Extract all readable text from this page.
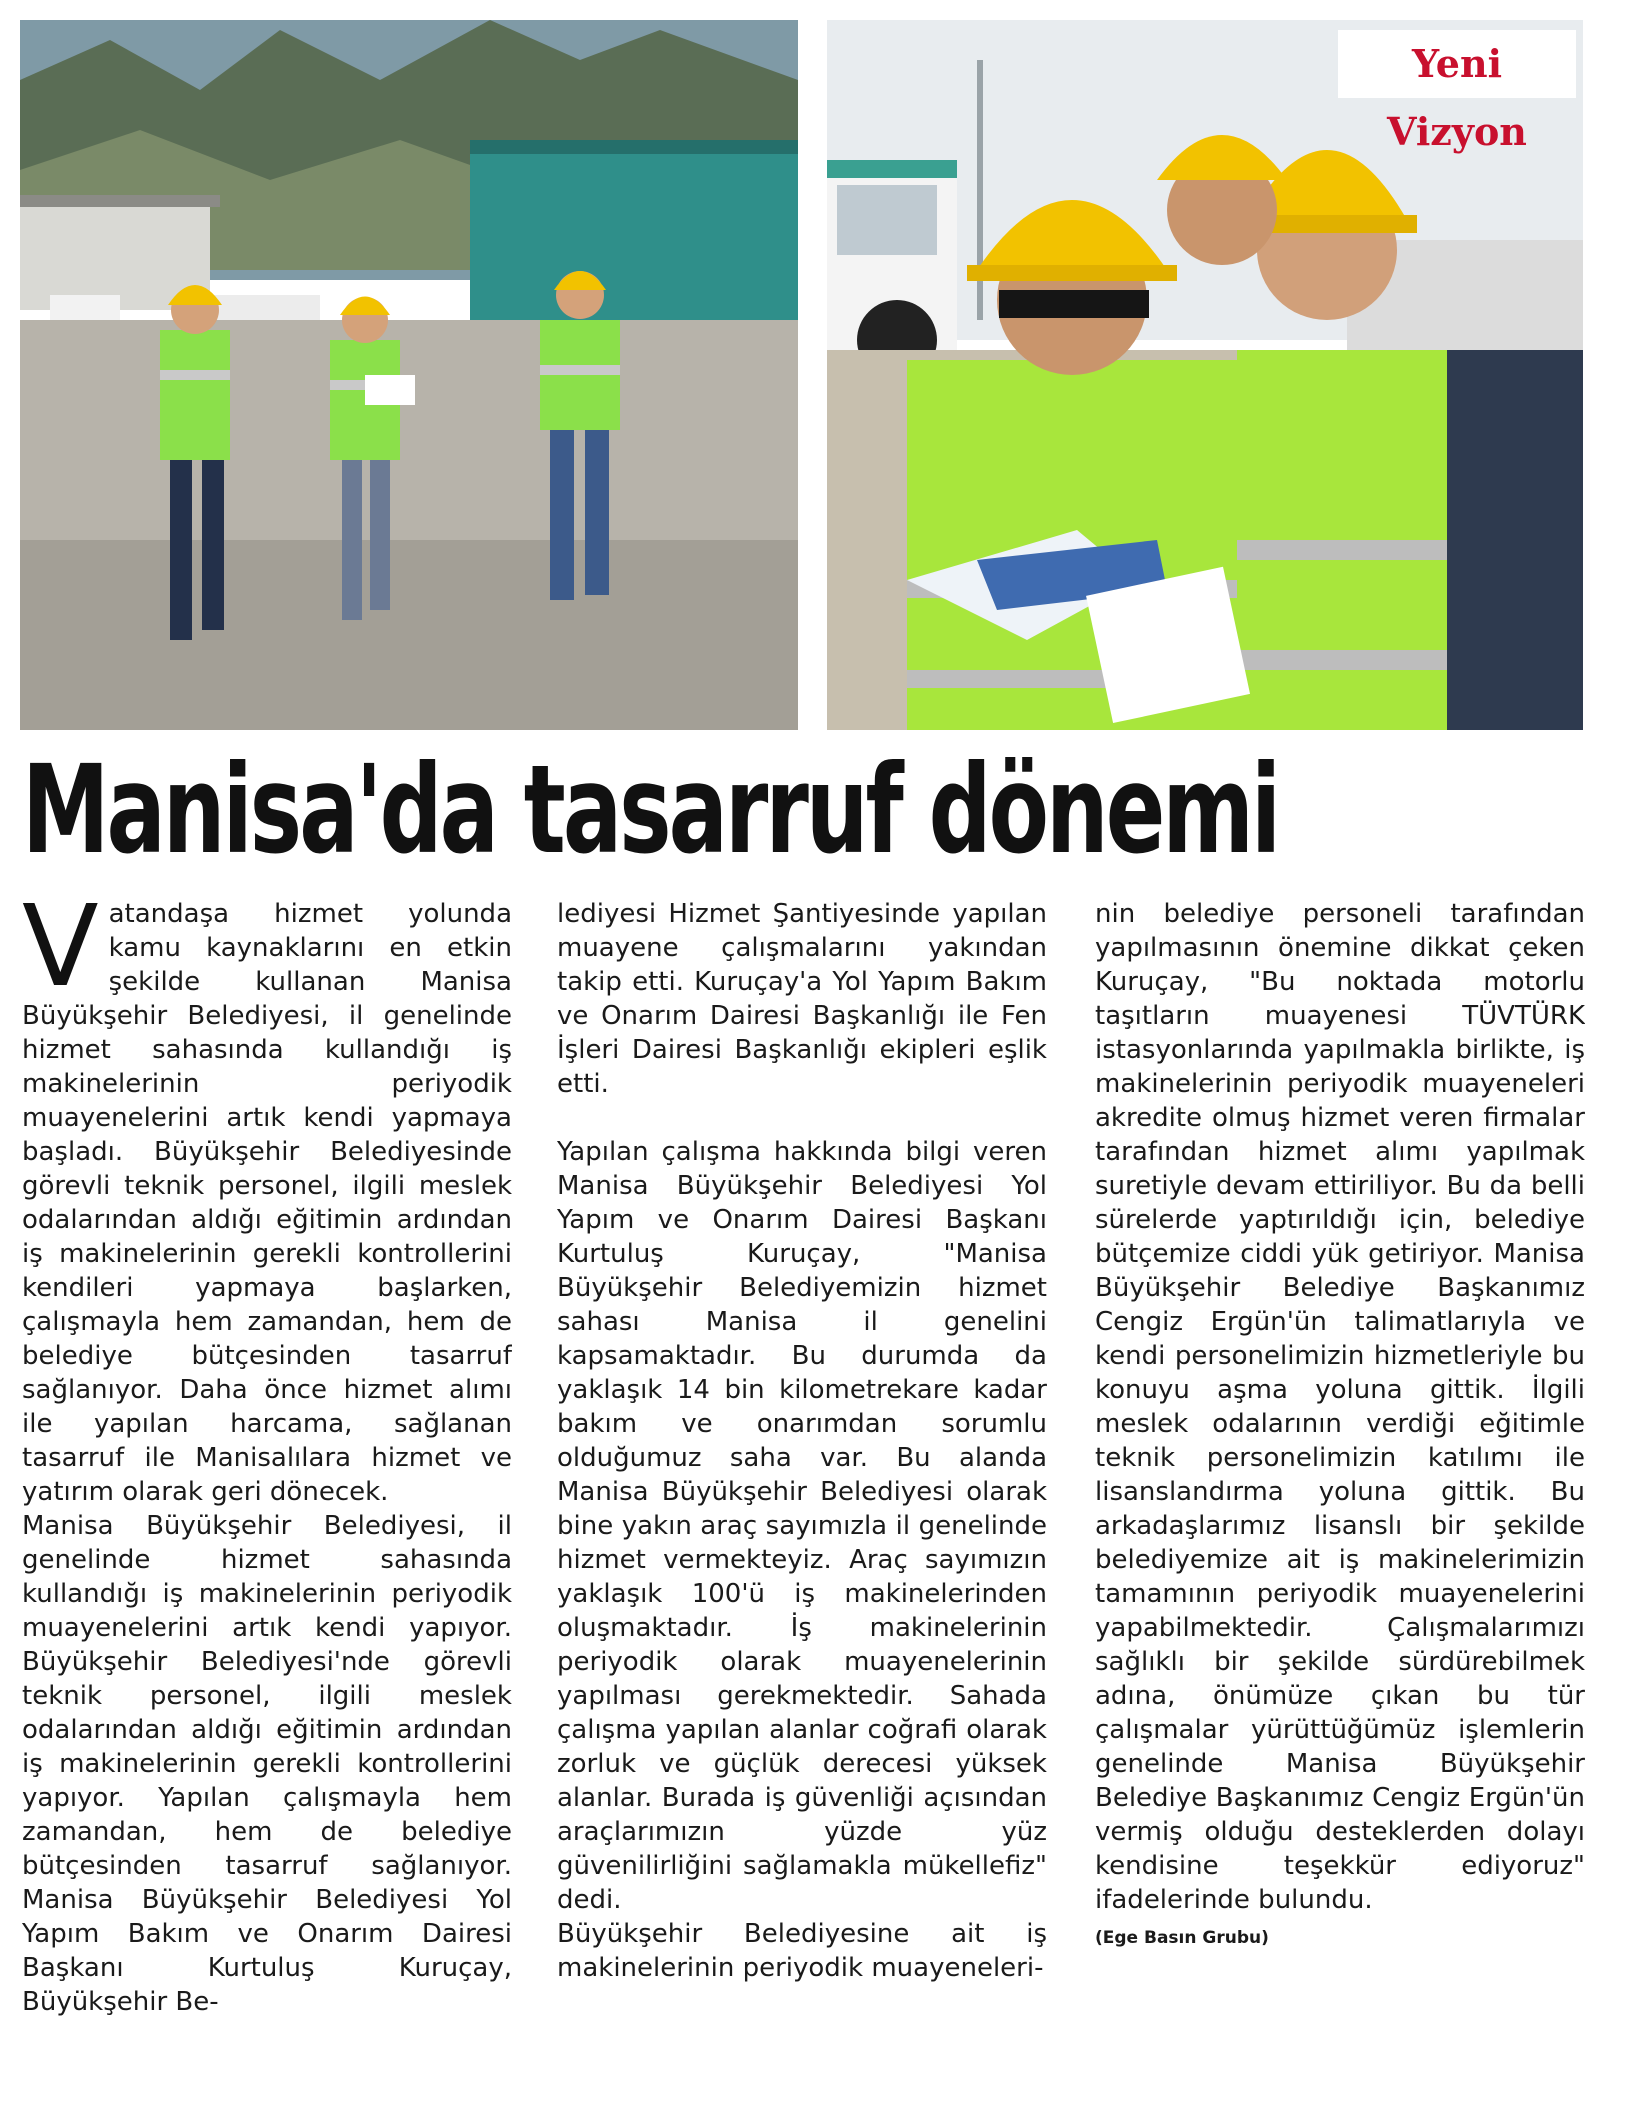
Yeni Vizyon
Manisa'da tasarruf dönemi

Vatandaşa hizmet yolunda kamu kaynaklarını en etkin şekilde kullanan Manisa Büyükşehir Belediyesi, il genelinde hizmet sahasında kullandığı iş makinelerinin periyodik muayenelerini artık kendi yapmaya başladı. Büyükşehir Belediyesinde görevli teknik personel, ilgili meslek odalarından aldığı eğitimin ardından iş makinelerinin gerekli kontrollerini kendileri yapmaya başlarken, çalışmayla hem zamandan, hem de belediye bütçesinden tasarruf sağlanıyor. Daha önce hizmet alımı ile yapılan harcama, sağlanan tasarruf ile Manisalılara hizmet ve yatırım olarak geri dönecek.

Manisa Büyükşehir Belediyesi, il genelinde hizmet sahasında kullandığı iş makinelerinin periyodik muayenelerini artık kendi yapıyor. Büyükşehir Belediyesi'nde görevli teknik personel, ilgili meslek odalarından aldığı eğitimin ardından iş makinelerinin gerekli kontrollerini yapıyor. Yapılan çalışmayla hem zamandan, hem de belediye bütçesinden tasarruf sağlanıyor. Manisa Büyükşehir Belediyesi Yol Yapım Bakım ve Onarım Dairesi Başkanı Kurtuluş Kuruçay, Büyükşehir Be-

lediyesi Hizmet Şantiyesinde yapılan muayene çalışmalarını yakından takip etti. Kuruçay'a Yol Yapım Bakım ve Onarım Dairesi Başkanlığı ile Fen İşleri Dairesi Başkanlığı ekipleri eşlik etti.

Yapılan çalışma hakkında bilgi veren Manisa Büyükşehir Belediyesi Yol Yapım ve Onarım Dairesi Başkanı Kurtuluş Kuruçay, "Manisa Büyükşehir Belediyemizin hizmet sahası Manisa il genelini kapsamaktadır. Bu durumda da yaklaşık 14 bin kilometrekare kadar bakım ve onarımdan sorumlu olduğumuz saha var. Bu alanda Manisa Büyükşehir Belediyesi olarak bine yakın araç sayımızla il genelinde hizmet vermekteyiz. Araç sayımızın yaklaşık 100'ü iş makinelerinden oluşmaktadır. İş makinelerinin periyodik olarak muayenelerinin yapılması gerekmektedir. Sahada çalışma yapılan alanlar coğrafi olarak zorluk ve güçlük derecesi yüksek alanlar. Burada iş güvenliği açısından araçlarımızın yüzde yüz güvenilirliğini sağlamakla mükellefiz" dedi.

Büyükşehir Belediyesine ait iş makinelerinin periyodik muayeneleri-

nin belediye personeli tarafından yapılmasının önemine dikkat çeken Kuruçay, "Bu noktada motorlu taşıtların muayenesi TÜVTÜRK istasyonlarında yapılmakla birlikte, iş makinelerinin periyodik muayeneleri akredite olmuş hizmet veren firmalar tarafından hizmet alımı yapılmak suretiyle devam ettiriliyor. Bu da belli sürelerde yaptırıldığı için, belediye bütçemize ciddi yük getiriyor. Manisa Büyükşehir Belediye Başkanımız Cengiz Ergün'ün talimatlarıyla ve kendi personelimizin hizmetleriyle bu konuyu aşma yoluna gittik. İlgili meslek odalarının verdiği eğitimle teknik personelimizin katılımı ile lisanslandırma yoluna gittik. Bu arkadaşlarımız lisanslı bir şekilde belediyemize ait iş makinelerimizin tamamının periyodik muayenelerini yapabilmektedir. Çalışmalarımızı sağlıklı bir şekilde sürdürebilmek adına, önümüze çıkan bu tür çalışmalar yürüttüğümüz işlemlerin genelinde Manisa Büyükşehir Belediye Başkanımız Cengiz Ergün'ün vermiş olduğu desteklerden dolayı kendisine teşekkür ediyoruz" ifadelerinde bulundu.

(Ege Basın Grubu)
